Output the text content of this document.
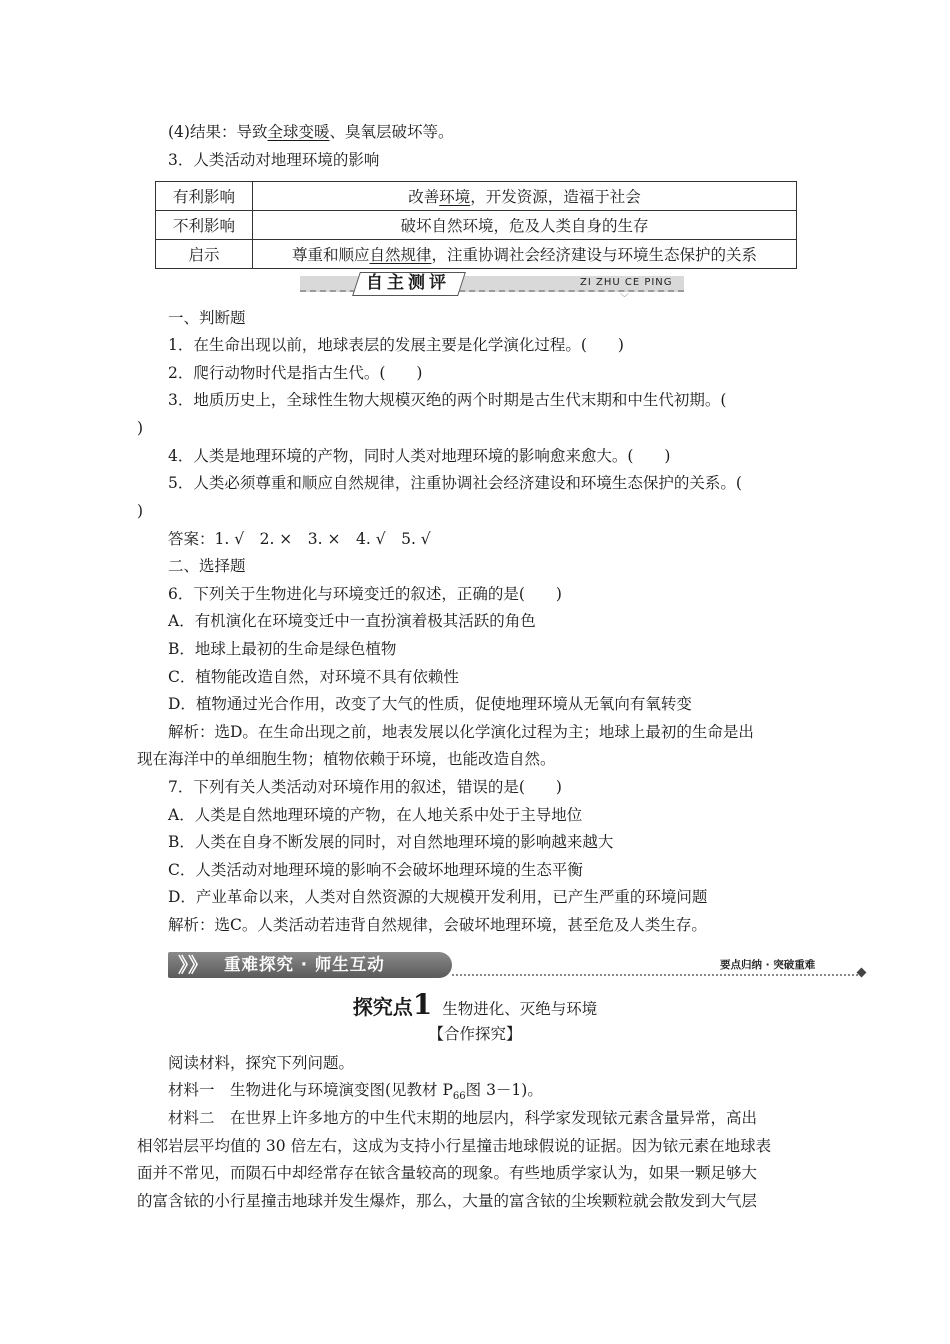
(4)结果：导致全球变暖、臭氧层破坏等。
3．人类活动对地理环境的影响
有利影响	改善环境，开发资源，造福于社会
不利影响	破坏自然环境，危及人类自身的生存
启示	尊重和顺应自然规律，注重协调社会经济建设与环境生态保护的关系
自主测评	ZI ZHU CE PING
﹀
一、判断题
1．在生命出现以前，地球表层的发展主要是化学演化过程。(　　)
2．爬行动物时代是指古生代。(　　)
3．地质历史上，全球性生物大规模灭绝的两个时期是古生代末期和中生代初期。(
)
4．人类是地理环境的产物，同时人类对地理环境的影响愈来愈大。(　　)
5．人类必须尊重和顺应自然规律，注重协调社会经济建设和环境生态保护的关系。(
)
答案：1. √　2. ×　3. ×　4. √　5. √
二、选择题
6．下列关于生物进化与环境变迁的叙述，正确的是(　　)
A．有机演化在环境变迁中一直扮演着极其活跃的角色
B．地球上最初的生命是绿色植物
C．植物能改造自然，对环境不具有依赖性
D．植物通过光合作用，改变了大气的性质，促使地理环境从无氧向有氧转变
解析：选D。在生命出现之前，地表发展以化学演化过程为主；地球上最初的生命是出
现在海洋中的单细胞生物；植物依赖于环境，也能改造自然。
7．下列有关人类活动对环境作用的叙述，错误的是(　　)
A．人类是自然地理环境的产物，在人地关系中处于主导地位
B．人类在自身不断发展的同时，对自然地理环境的影响越来越大
C．人类活动对地理环境的影响不会破坏地理环境的生态平衡
D．产业革命以来，人类对自然资源的大规模开发利用，已产生严重的环境问题
解析：选C。人类活动若违背自然规律，会破坏地理环境，甚至危及人类生存。
》》 重难探究 · 师生互动	要点归纳 · 突破重难
探究点1 生物进化、灭绝与环境
【合作探究】
阅读材料，探究下列问题。
材料一　生物进化与环境演变图(见教材 $P_{66}$图 3－1)。
材料二　在世界上许多地方的中生代末期的地层内，科学家发现铱元素含量异常，高出
相邻岩层平均值的 30 倍左右，这成为支持小行星撞击地球假说的证据。因为铱元素在地球表
面并不常见，而陨石中却经常存在铱含量较高的现象。有些地质学家认为，如果一颗足够大
的富含铱的小行星撞击地球并发生爆炸，那么，大量的富含铱的尘埃颗粒就会散发到大气层
